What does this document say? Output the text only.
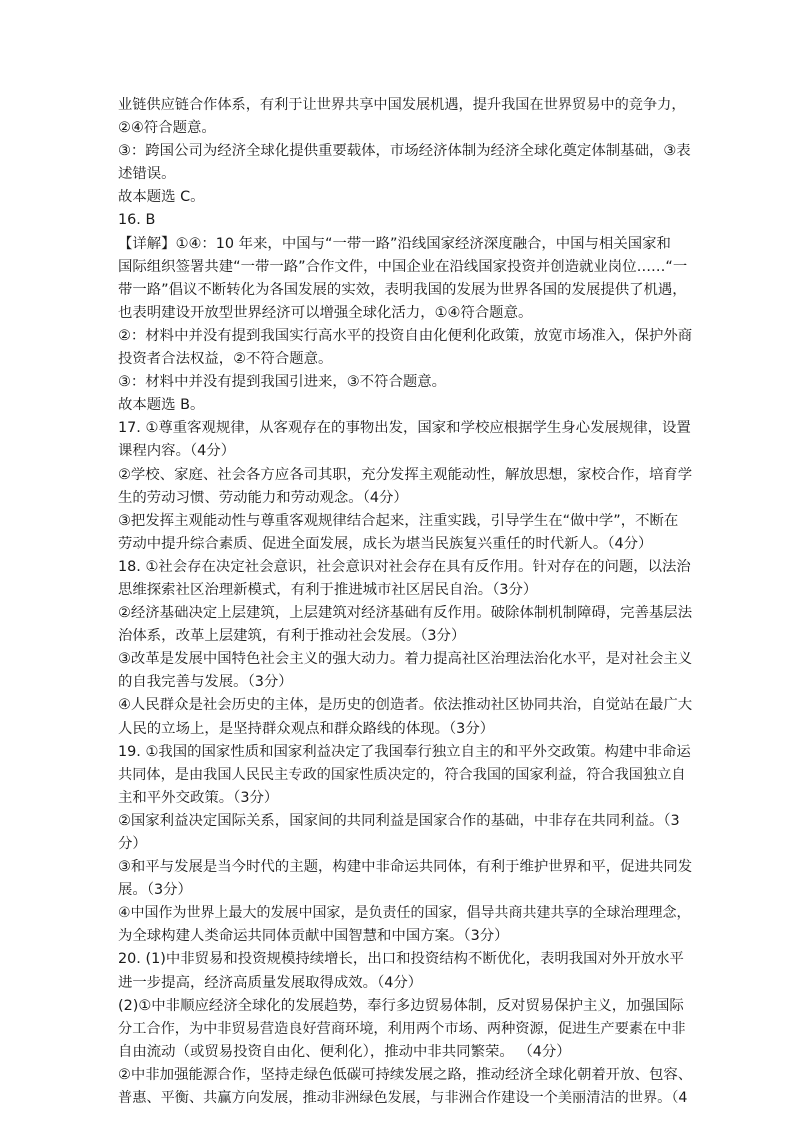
业链供应链合作体系，有利于让世界共享中国发展机遇，提升我国在世界贸易中的竞争力，
②④符合题意。
③：跨国公司为经济全球化提供重要载体，市场经济体制为经济全球化奠定体制基础，③表
述错误。
故本题选 C。
16. B
【详解】①④：10 年来，中国与“一带一路”沿线国家经济深度融合，中国与相关国家和
国际组织签署共建“一带一路”合作文件，中国企业在沿线国家投资并创造就业岗位……“一
带一路”倡议不断转化为各国发展的实效，表明我国的发展为世界各国的发展提供了机遇，
也表明建设开放型世界经济可以增强全球化活力，①④符合题意。
②：材料中并没有提到我国实行高水平的投资自由化便利化政策，放宽市场准入，保护外商
投资者合法权益，②不符合题意。
③：材料中并没有提到我国引进来，③不符合题意。
故本题选 B。
17. ①尊重客观规律，从客观存在的事物出发，国家和学校应根据学生身心发展规律，设置
课程内容。（4分）
②学校、家庭、社会各方应各司其职，充分发挥主观能动性，解放思想，家校合作，培育学
生的劳动习惯、劳动能力和劳动观念。（4分）
③把发挥主观能动性与尊重客观规律结合起来，注重实践，引导学生在“做中学”，不断在
劳动中提升综合素质、促进全面发展，成长为堪当民族复兴重任的时代新人。（4分）
18. ①社会存在决定社会意识，社会意识对社会存在具有反作用。针对存在的问题，以法治
思维探索社区治理新模式，有利于推进城市社区居民自治。（3分）
②经济基础决定上层建筑，上层建筑对经济基础有反作用。破除体制机制障碍，完善基层法
治体系，改革上层建筑，有利于推动社会发展。（3分）
③改革是发展中国特色社会主义的强大动力。着力提高社区治理法治化水平，是对社会主义
的自我完善与发展。（3分）
④人民群众是社会历史的主体，是历史的创造者。依法推动社区协同共治，自觉站在最广大
人民的立场上，是坚持群众观点和群众路线的体现。（3分）
19. ①我国的国家性质和国家利益决定了我国奉行独立自主的和平外交政策。构建中非命运
共同体，是由我国人民民主专政的国家性质决定的，符合我国的国家利益，符合我国独立自
主和平外交政策。（3分）
②国家利益决定国际关系，国家间的共同利益是国家合作的基础，中非存在共同利益。（3
分）
③和平与发展是当今时代的主题，构建中非命运共同体，有利于维护世界和平，促进共同发
展。（3分）
④中国作为世界上最大的发展中国家，是负责任的国家，倡导共商共建共享的全球治理理念，
为全球构建人类命运共同体贡献中国智慧和中国方案。（3分）
20. (1)中非贸易和投资规模持续增长，出口和投资结构不断优化，表明我国对外开放水平
进一步提高，经济高质量发展取得成效。（4分）
(2)①中非顺应经济全球化的发展趋势，奉行多边贸易体制，反对贸易保护主义，加强国际
分工合作，为中非贸易营造良好营商环境，利用两个市场、两种资源，促进生产要素在中非
自由流动（或贸易投资自由化、便利化），推动中非共同繁荣。 （4分）
②中非加强能源合作，坚持走绿色低碳可持续发展之路，推动经济全球化朝着开放、包容、
普惠、平衡、共赢方向发展，推动非洲绿色发展，与非洲合作建设一个美丽清洁的世界。（4
